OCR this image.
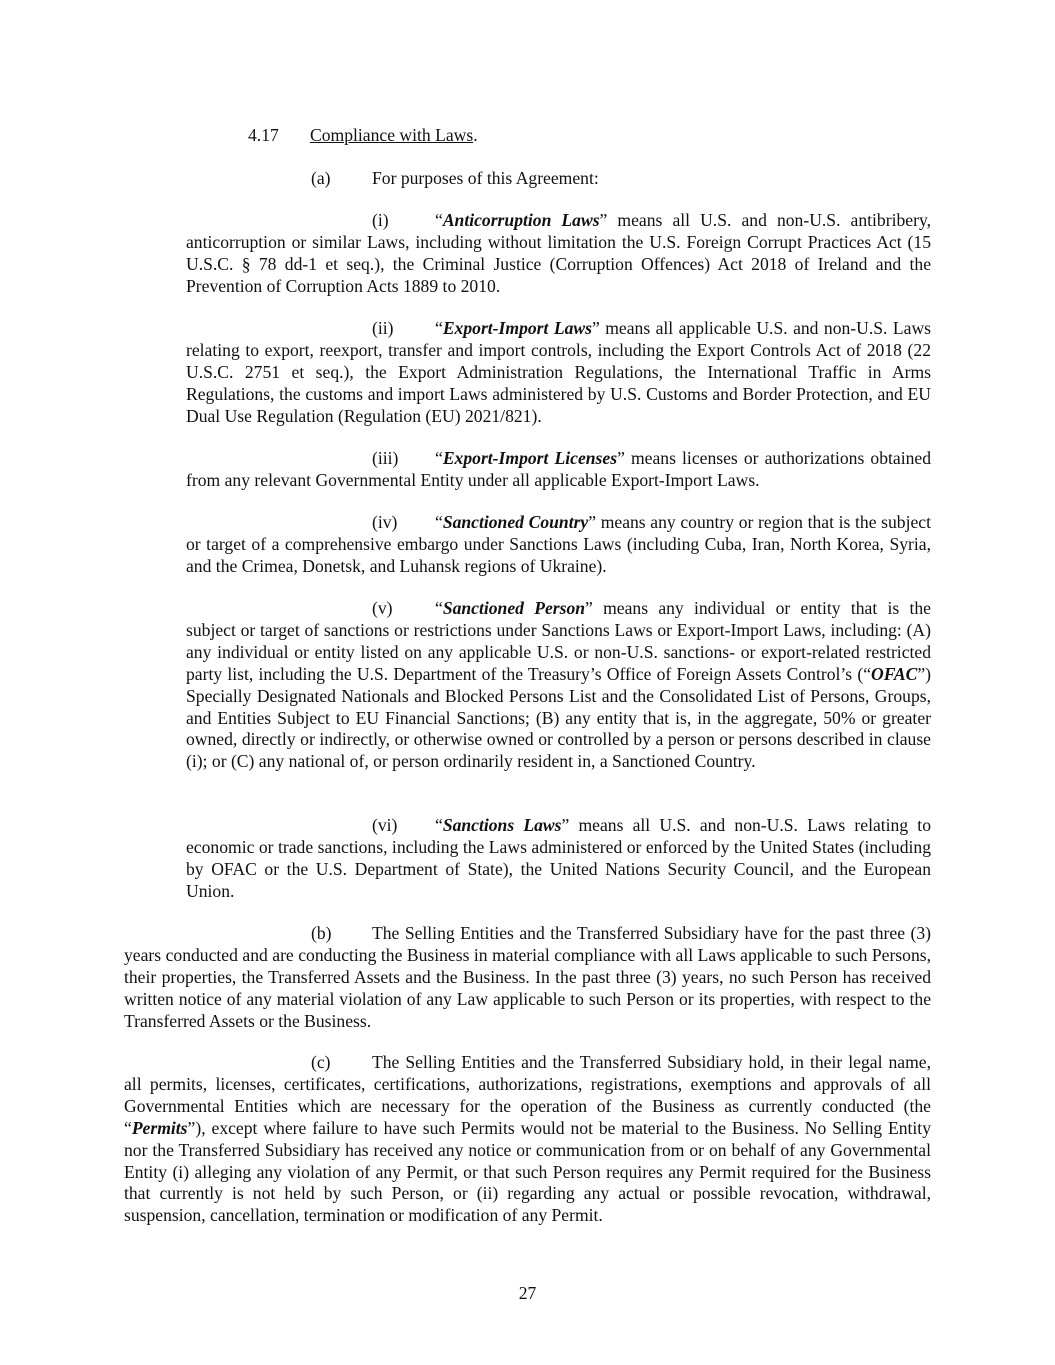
4.17 Compliance with Laws.
(a) For purposes of this Agreement:
(i)	“Anticorruption Laws” means all U.S. and non-U.S. antibribery, anticorruption or similar Laws, including without limitation the U.S. Foreign Corrupt Practices Act (15 U.S.C. § 78 dd-1 et seq.), the Criminal Justice (Corruption Offences) Act 2018 of Ireland and the Prevention of Corruption Acts 1889 to 2010.
(ii) “Export-Import Laws” means all applicable U.S. and non-U.S. Laws relating to export, reexport, transfer and import controls, including the Export Controls Act of 2018 (22 U.S.C. 2751 et seq.), the Export Administration Regulations, the International Traffic in Arms Regulations, the customs and import Laws administered by U.S. Customs and Border Protection, and EU Dual Use Regulation (Regulation (EU) 2021/821).
(iii) “Export-Import Licenses” means licenses or authorizations obtained from any relevant Governmental Entity under all applicable Export-Import Laws.
(iv) “Sanctioned Country” means any country or region that is the subject or target of a comprehensive embargo under Sanctions Laws (including Cuba, Iran, North Korea, Syria, and the Crimea, Donetsk, and Luhansk regions of Ukraine).
(v) “Sanctioned Person” means any individual or entity that is the subject or target of sanctions or restrictions under Sanctions Laws or Export-Import Laws, including: (A) any individual or entity listed on any applicable U.S. or non-U.S. sanctions- or export-related restricted party list, including the U.S. Department of the Treasury’s Office of Foreign Assets Control’s (“OFAC”) Specially Designated Nationals and Blocked Persons List and the Consolidated List of Persons, Groups, and Entities Subject to EU Financial Sanctions; (B) any entity that is, in the aggregate, 50% or greater owned, directly or indirectly, or otherwise owned or controlled by a person or persons described in clause (i); or (C) any national of, or person ordinarily resident in, a Sanctioned Country.
(vi) “Sanctions Laws” means all U.S. and non-U.S. Laws relating to economic or trade sanctions, including the Laws administered or enforced by the United States (including by OFAC or the U.S. Department of State), the United Nations Security Council, and the European Union.
(b) The Selling Entities and the Transferred Subsidiary have for the past three (3) years conducted and are conducting the Business in material compliance with all Laws applicable to such Persons, their properties, the Transferred Assets and the Business. In the past three (3) years, no such Person has received written notice of any material violation of any Law applicable to such Person or its properties, with respect to the Transferred Assets or the Business.
(c) The Selling Entities and the Transferred Subsidiary hold, in their legal name, all permits, licenses, certificates, certifications, authorizations, registrations, exemptions and approvals of all Governmental Entities which are necessary for the operation of the Business as currently conducted (the “Permits”), except where failure to have such Permits would not be material to the Business. No Selling Entity nor the Transferred Subsidiary has received any notice or communication from or on behalf of any Governmental Entity (i) alleging any violation of any Permit, or that such Person requires any Permit required for the Business that currently is not held by such Person, or (ii) regarding any actual or possible revocation, withdrawal, suspension, cancellation, termination or modification of any Permit.
27
